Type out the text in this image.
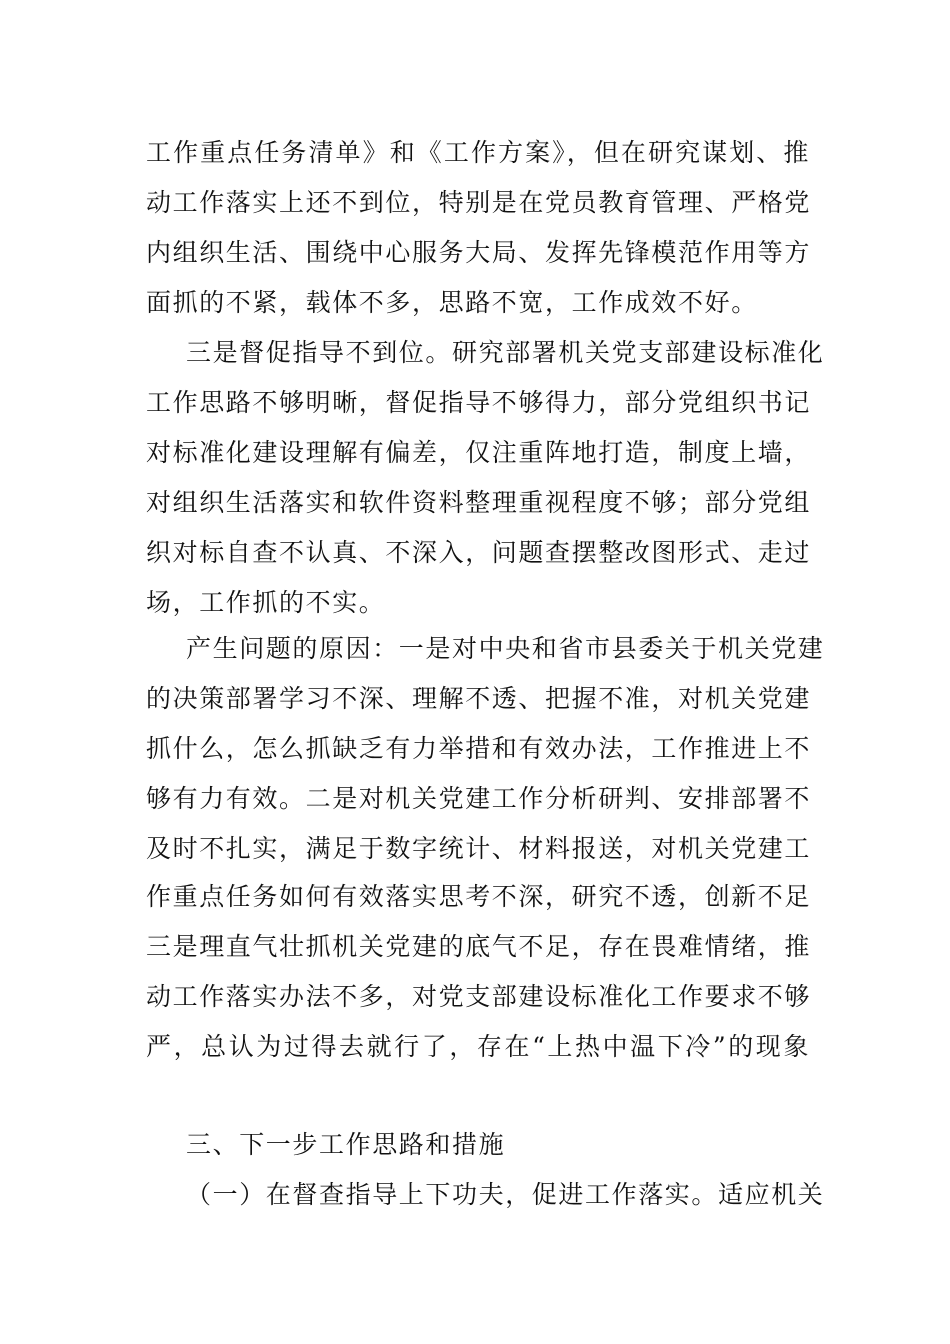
工作重点任务清单》和《工作方案》，但在研究谋划、推
动工作落实上还不到位，特别是在党员教育管理、严格党
内组织生活、围绕中心服务大局、发挥先锋模范作用等方
面抓的不紧，载体不多，思路不宽，工作成效不好。
三是督促指导不到位。研究部署机关党支部建设标准化
工作思路不够明晰，督促指导不够得力，部分党组织书记
对标准化建设理解有偏差，仅注重阵地打造，制度上墙，
对组织生活落实和软件资料整理重视程度不够；部分党组
织对标自查不认真、不深入，问题查摆整改图形式、走过
场，工作抓的不实。
产生问题的原因：一是对中央和省市县委关于机关党建
的决策部署学习不深、理解不透、把握不准，对机关党建
抓什么，怎么抓缺乏有力举措和有效办法，工作推进上不
够有力有效。二是对机关党建工作分析研判、安排部署不
及时不扎实，满足于数字统计、材料报送，对机关党建工
作重点任务如何有效落实思考不深，研究不透，创新不足
三是理直气壮抓机关党建的底气不足，存在畏难情绪，推
动工作落实办法不多，对党支部建设标准化工作要求不够
严，总认为过得去就行了，存在“上热中温下冷”的现象
三、下一步工作思路和措施
（一）在督查指导上下功夫，促进工作落实。适应机关
